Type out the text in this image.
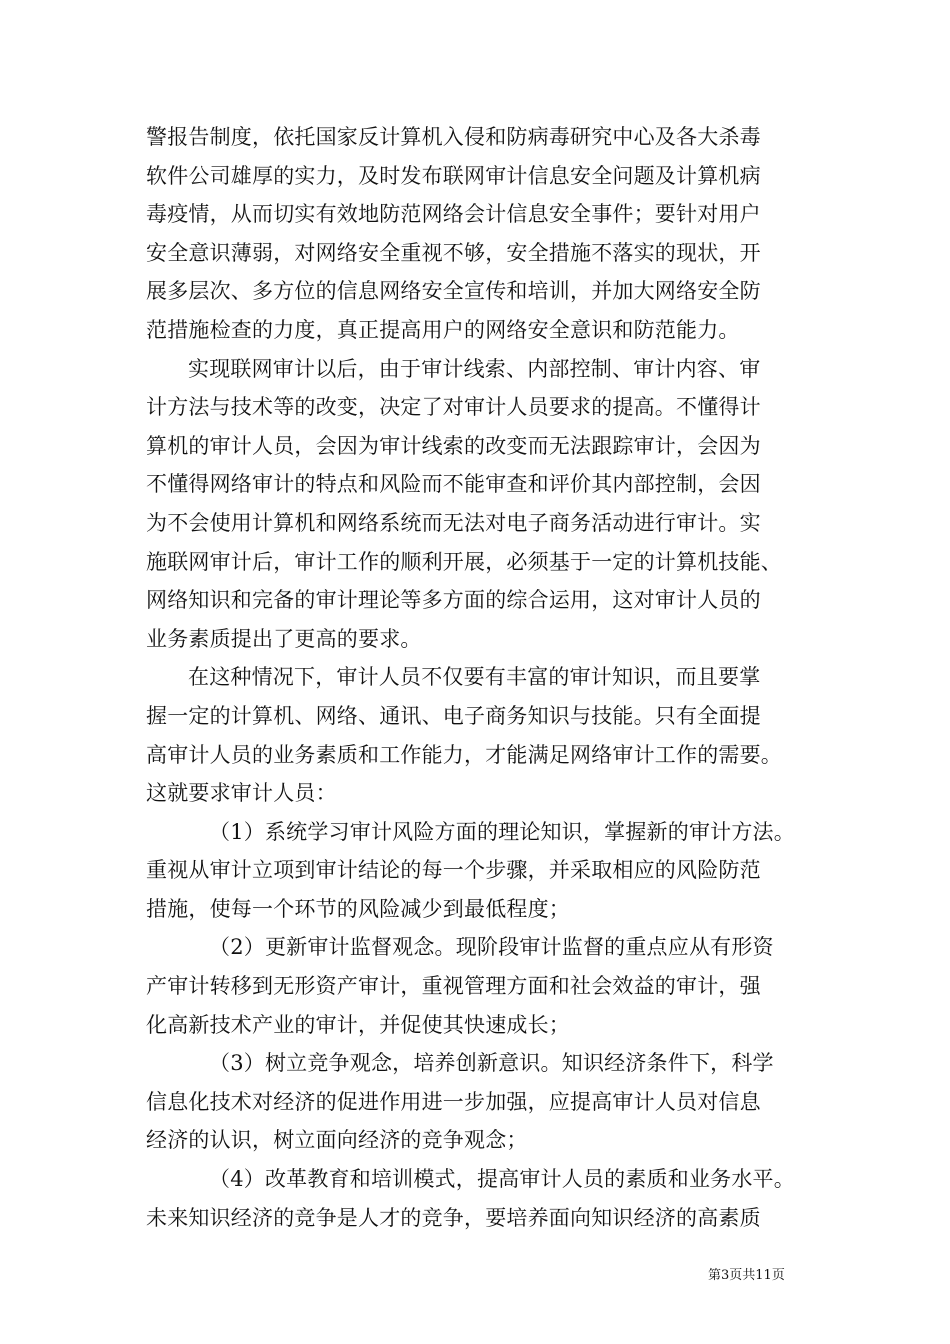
警报告制度，依托国家反计算机入侵和防病毒研究中心及各大杀毒
软件公司雄厚的实力，及时发布联网审计信息安全问题及计算机病
毒疫情，从而切实有效地防范网络会计信息安全事件；要针对用户
安全意识薄弱，对网络安全重视不够，安全措施不落实的现状，开
展多层次、多方位的信息网络安全宣传和培训，并加大网络安全防
范措施检查的力度，真正提高用户的网络安全意识和防范能力。
实现联网审计以后，由于审计线索、内部控制、审计内容、审
计方法与技术等的改变，决定了对审计人员要求的提高。不懂得计
算机的审计人员，会因为审计线索的改变而无法跟踪审计，会因为
不懂得网络审计的特点和风险而不能审查和评价其内部控制，会因
为不会使用计算机和网络系统而无法对电子商务活动进行审计。实
施联网审计后，审计工作的顺利开展，必须基于一定的计算机技能、
网络知识和完备的审计理论等多方面的综合运用，这对审计人员的
业务素质提出了更高的要求。
在这种情况下，审计人员不仅要有丰富的审计知识，而且要掌
握一定的计算机、网络、通讯、电子商务知识与技能。只有全面提
高审计人员的业务素质和工作能力，才能满足网络审计工作的需要。
这就要求审计人员：
（1）系统学习审计风险方面的理论知识，掌握新的审计方法。
重视从审计立项到审计结论的每一个步骤，并采取相应的风险防范
措施，使每一个环节的风险减少到最低程度；
（2）更新审计监督观念。现阶段审计监督的重点应从有形资
产审计转移到无形资产审计，重视管理方面和社会效益的审计，强
化高新技术产业的审计，并促使其快速成长；
（3）树立竞争观念，培养创新意识。知识经济条件下，科学
信息化技术对经济的促进作用进一步加强，应提高审计人员对信息
经济的认识，树立面向经济的竞争观念；
（4）改革教育和培训模式，提高审计人员的素质和业务水平。
未来知识经济的竞争是人才的竞争，要培养面向知识经济的高素质
第3页共11页
